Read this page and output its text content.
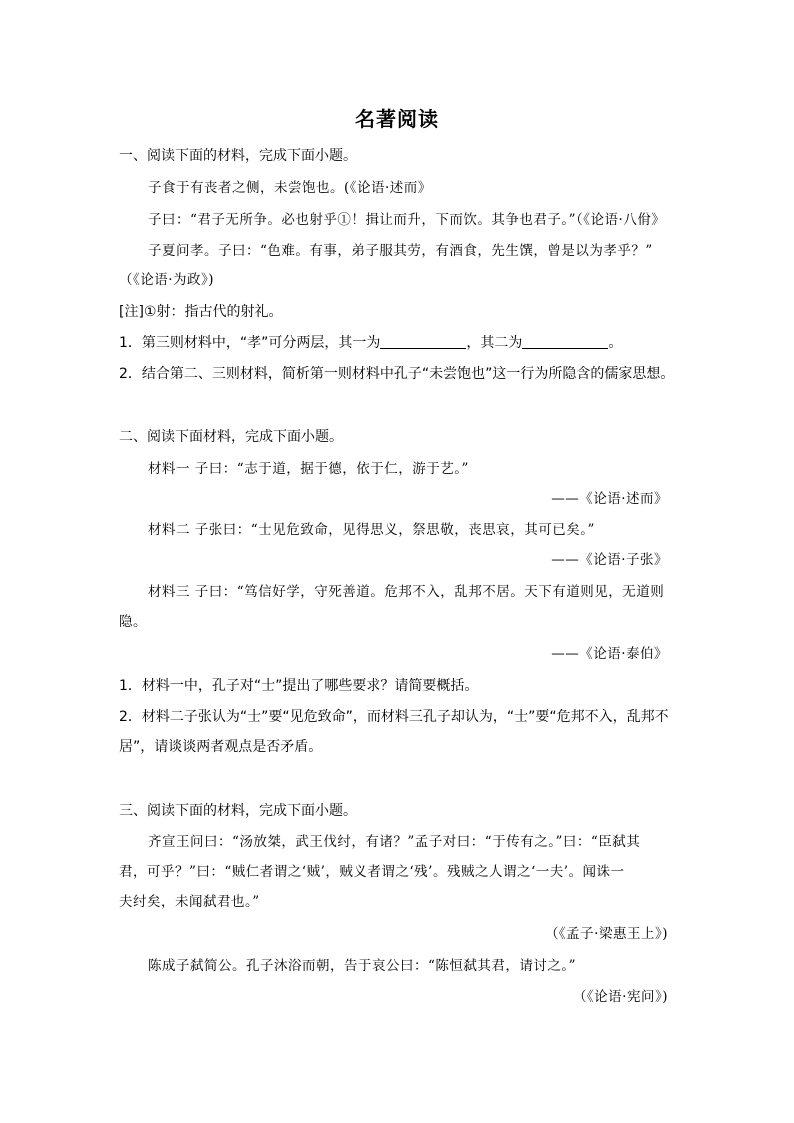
名著阅读
一、阅读下面的材料，完成下面小题。
子食于有丧者之侧，未尝饱也。(《论语·述而》
子曰：“君子无所争。必也射乎①！揖让而升，下而饮。其争也君子。”（《论语·八佾》
子夏问孝。子曰：“色难。有事，弟子服其劳，有酒食，先生馔，曾是以为孝乎？”
（《论语·为政》)
[注]①射：指古代的射礼。
1．第三则材料中，“孝”可分两层，其一为	，其二为	。
2．结合第二、三则材料，简析第一则材料中孔子“未尝饱也”这一行为所隐含的儒家思想。
二、阅读下面材料，完成下面小题。
材料一 子曰：“志于道，据于德，依于仁，游于艺。”
——《论语·述而》
材料二 子张曰：“士见危致命，见得思义，祭思敬，丧思哀，其可已矣。”
——《论语·子张》
材料三 子曰：“笃信好学，守死善道。危邦不入，乱邦不居。天下有道则见，无道则
隐。
——《论语·泰伯》
1．材料一中，孔子对“士”提出了哪些要求？请简要概括。
2．材料二子张认为“士”要“见危致命”，而材料三孔子却认为，“士”要“危邦不入，乱邦不
居”，请谈谈两者观点是否矛盾。
三、阅读下面的材料，完成下面小题。
齐宣王问曰：“汤放桀，武王伐纣，有诸？”孟子对曰：“于传有之。”曰：“臣弑其
君，可乎？”曰：“贼仁者谓之‘贼’，贼义者谓之‘残’。残贼之人谓之‘一夫’。闻诛一
夫纣矣，未闻弑君也。”
（《孟子·梁惠王上》)
陈成子弑简公。孔子沐浴而朝，告于哀公曰：“陈恒弑其君，请讨之。”
（《论语·宪问》)
